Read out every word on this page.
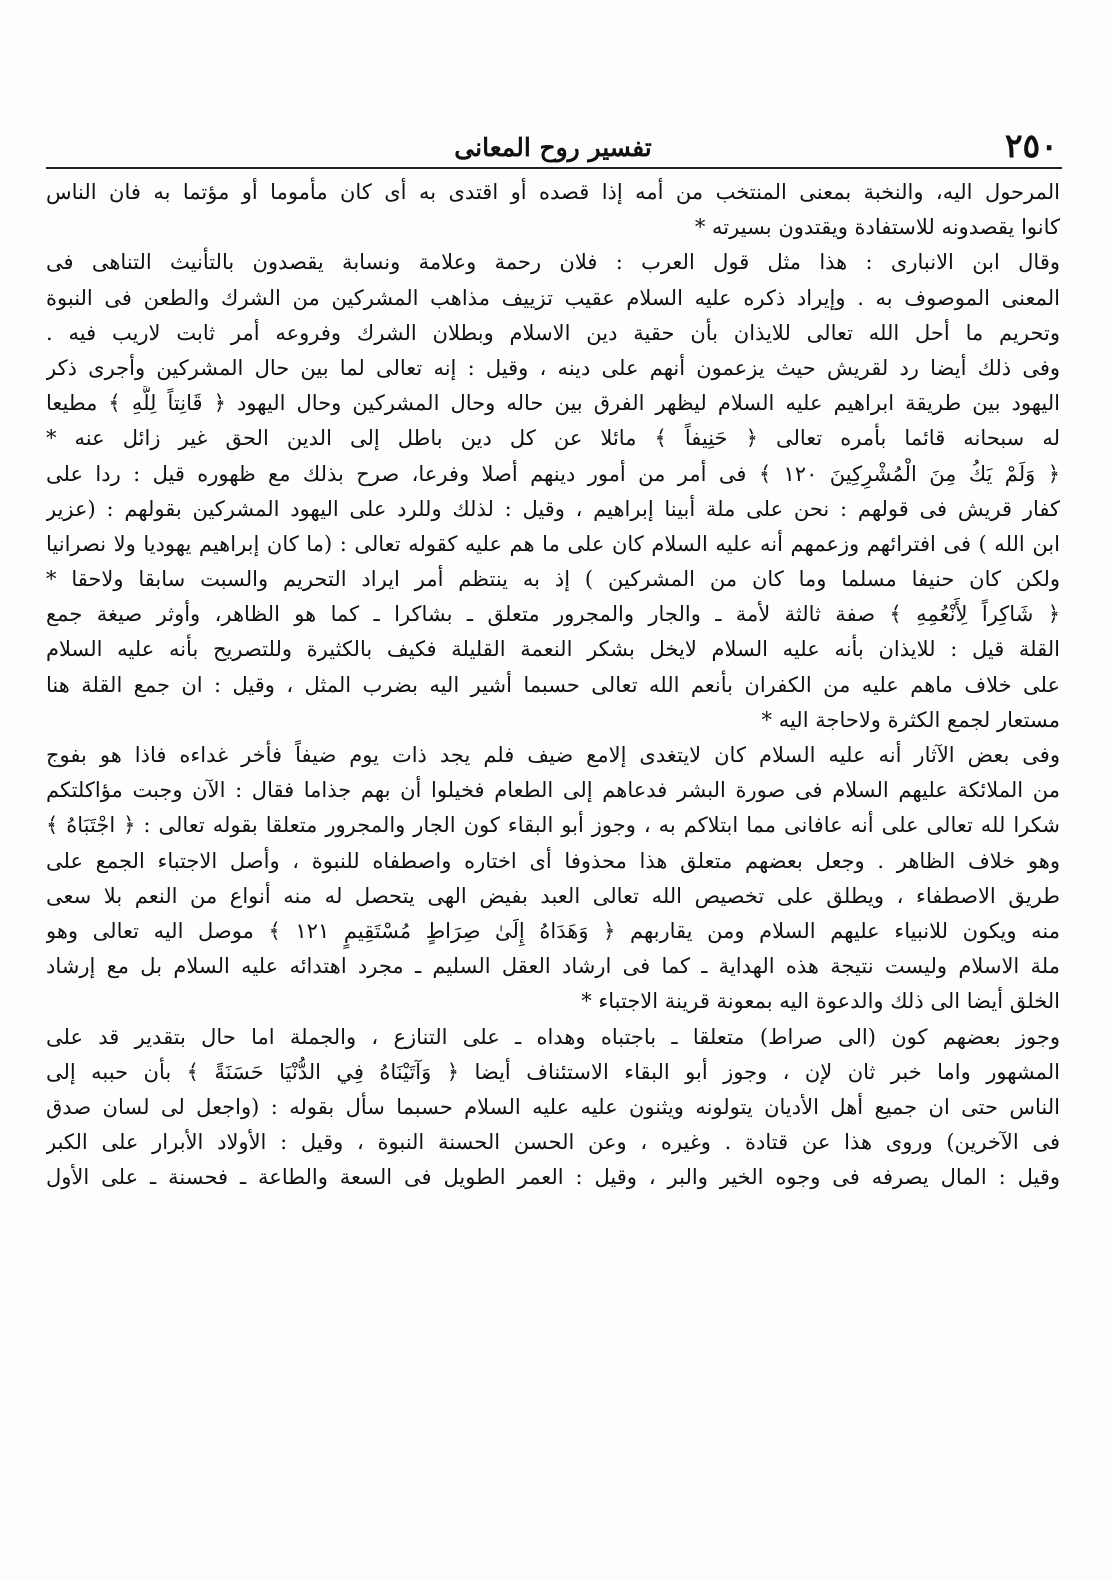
٢٥٠
تفسير روح المعانى
المرحول اليه، والنخبة بمعنى المنتخب من أمه إذا قصده أو اقتدى به أى كان مأموما أو مؤتما به فان الناس
كانوا يقصدونه للاستفادة ويقتدون بسيرته *
وقال ابن الانبارى : هذا مثل قول العرب : فلان رحمة وعلامة ونسابة يقصدون بالتأنيث التناهى فى
المعنى الموصوف به . وإيراد ذكره عليه السلام عقيب تزييف مذاهب المشركين من الشرك والطعن فى النبوة
وتحريم ما أحل الله تعالى للايذان بأن حقية دين الاسلام وبطلان الشرك وفروعه أمر ثابت لاريب فيه .
وفى ذلك أيضا رد لقريش حيث يزعمون أنهم على دينه ، وقيل : إنه تعالى لما بين حال المشركين وأجرى ذكر
اليهود بين طريقة ابراهيم عليه السلام ليظهر الفرق بين حاله وحال المشركين وحال اليهود ﴿ قَانِتاً لِلَّهِ ﴾ مطيعا
له سبحانه قائما بأمره تعالى ﴿ حَنِيفاً ﴾ مائلا عن كل دين باطل إلى الدين الحق غير زائل عنه *
﴿ وَلَمْ يَكُ مِنَ الْمُشْرِكِينَ ١٢٠ ﴾ فى أمر من أمور دينهم أصلا وفرعا، صرح بذلك مع ظهوره قيل : ردا على
كفار قريش فى قولهم : نحن على ملة أبينا إبراهيم ، وقيل : لذلك وللرد على اليهود المشركين بقولهم : (عزير
ابن الله ) فى افترائهم وزعمهم أنه عليه السلام كان على ما هم عليه كقوله تعالى : (ما كان إبراهيم يهوديا ولا نصرانيا
ولكن كان حنيفا مسلما وما كان من المشركين ) إذ به ينتظم أمر ايراد التحريم والسبت سابقا ولاحقا *
﴿ شَاكِراً لِأَنْعُمِهِ ﴾ صفة ثالثة لأمة ـ والجار والمجرور متعلق ـ بشاكرا ـ كما هو الظاهر، وأوثر صيغة جمع
القلة قيل : للايذان بأنه عليه السلام لايخل بشكر النعمة القليلة فكيف بالكثيرة وللتصريح بأنه عليه السلام
على خلاف ماهم عليه من الكفران بأنعم الله تعالى حسبما أشير اليه بضرب المثل ، وقيل : ان جمع القلة هنا
مستعار لجمع الكثرة ولاحاجة اليه *
وفى بعض الآثار أنه عليه السلام كان لايتغدى إلامع ضيف فلم يجد ذات يوم ضيفاً فأخر غداءه فاذا هو بفوج
من الملائكة عليهم السلام فى صورة البشر فدعاهم إلى الطعام فخيلوا أن بهم جذاما فقال : الآن وجبت مؤاكلتكم
شكرا لله تعالى على أنه عافانى مما ابتلاكم به ، وجوز أبو البقاء كون الجار والمجرور متعلقا بقوله تعالى : ﴿ اجْتَبَاهُ ﴾
وهو خلاف الظاهر . وجعل بعضهم متعلق هذا محذوفا أى اختاره واصطفاه للنبوة ، وأصل الاجتباء الجمع على
طريق الاصطفاء ، ويطلق على تخصيص الله تعالى العبد بفيض الهى يتحصل له منه أنواع من النعم بلا سعى
منه ويكون للانبياء عليهم السلام ومن يقاربهم ﴿ وَهَدَاهُ إِلَىٰ صِرَاطٍ مُسْتَقِيمٍ ١٢١ ﴾ موصل اليه تعالى وهو
ملة الاسلام وليست نتيجة هذه الهداية ـ كما فى ارشاد العقل السليم ـ مجرد اهتدائه عليه السلام بل مع إرشاد
الخلق أيضا الى ذلك والدعوة اليه بمعونة قرينة الاجتباء *
وجوز بعضهم كون (الى صراط) متعلقا ـ باجتباه وهداه ـ على التنازع ، والجملة اما حال بتقدير قد على
المشهور واما خبر ثان لإن ، وجوز أبو البقاء الاستئناف أيضا ﴿ وَآتَيْنَاهُ فِي الدُّنْيَا حَسَنَةً ﴾ بأن حببه إلى
الناس حتى ان جميع أهل الأديان يتولونه ويثنون عليه عليه السلام حسبما سأل بقوله : (واجعل لى لسان صدق
فى الآخرين) وروى هذا عن قتادة . وغيره ، وعن الحسن الحسنة النبوة ، وقيل : الأولاد الأبرار على الكبر
وقيل : المال يصرفه فى وجوه الخير والبر ، وقيل : العمر الطويل فى السعة والطاعة ـ فحسنة ـ على الأول
